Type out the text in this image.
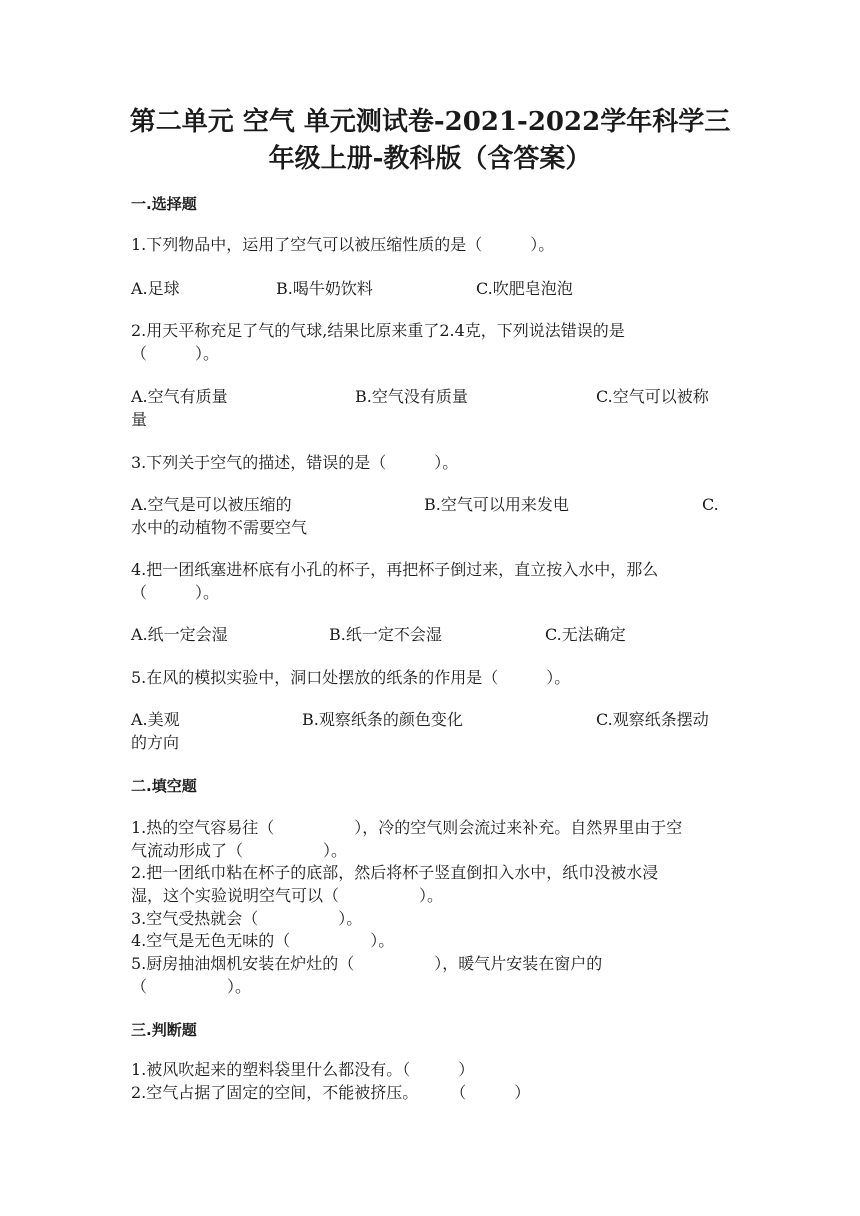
第二单元 空气 单元测试卷-2021-2022学年科学三
年级上册-教科版（含答案）
一.选择题
1.下列物品中，运用了空气可以被压缩性质的是（　　　）。
A.足球	B.喝牛奶饮料	C.吹肥皂泡泡
2.用天平称充足了气的气球,结果比原来重了2.4克，下列说法错误的是
（　　　）。
A.空气有质量	B.空气没有质量	C.空气可以被称
量
3.下列关于空气的描述，错误的是（　　　）。
A.空气是可以被压缩的	B.空气可以用来发电	C.
水中的动植物不需要空气
4.把一团纸塞进杯底有小孔的杯子，再把杯子倒过来，直立按入水中，那么
（　　　）。
A.纸一定会湿	B.纸一定不会湿	C.无法确定
5.在风的模拟实验中，洞口处摆放的纸条的作用是（　　　）。
A.美观	B.观察纸条的颜色变化	C.观察纸条摆动
的方向
二.填空题
1.热的空气容易往（　　　　　），冷的空气则会流过来补充。自然界里由于空
气流动形成了（　　　　　）。
2.把一团纸巾粘在杯子的底部，然后将杯子竖直倒扣入水中，纸巾没被水浸
湿，这个实验说明空气可以（　　　　　）。
3.空气受热就会（　　　　　）。
4.空气是无色无味的（　　　　　）。
5.厨房抽油烟机安装在炉灶的（　　　　　），暖气片安装在窗户的
（　　　　　）。
三.判断题
1.被风吹起来的塑料袋里什么都没有。（　　　）
2.空气占据了固定的空间，不能被挤压。　　　（　　　）
